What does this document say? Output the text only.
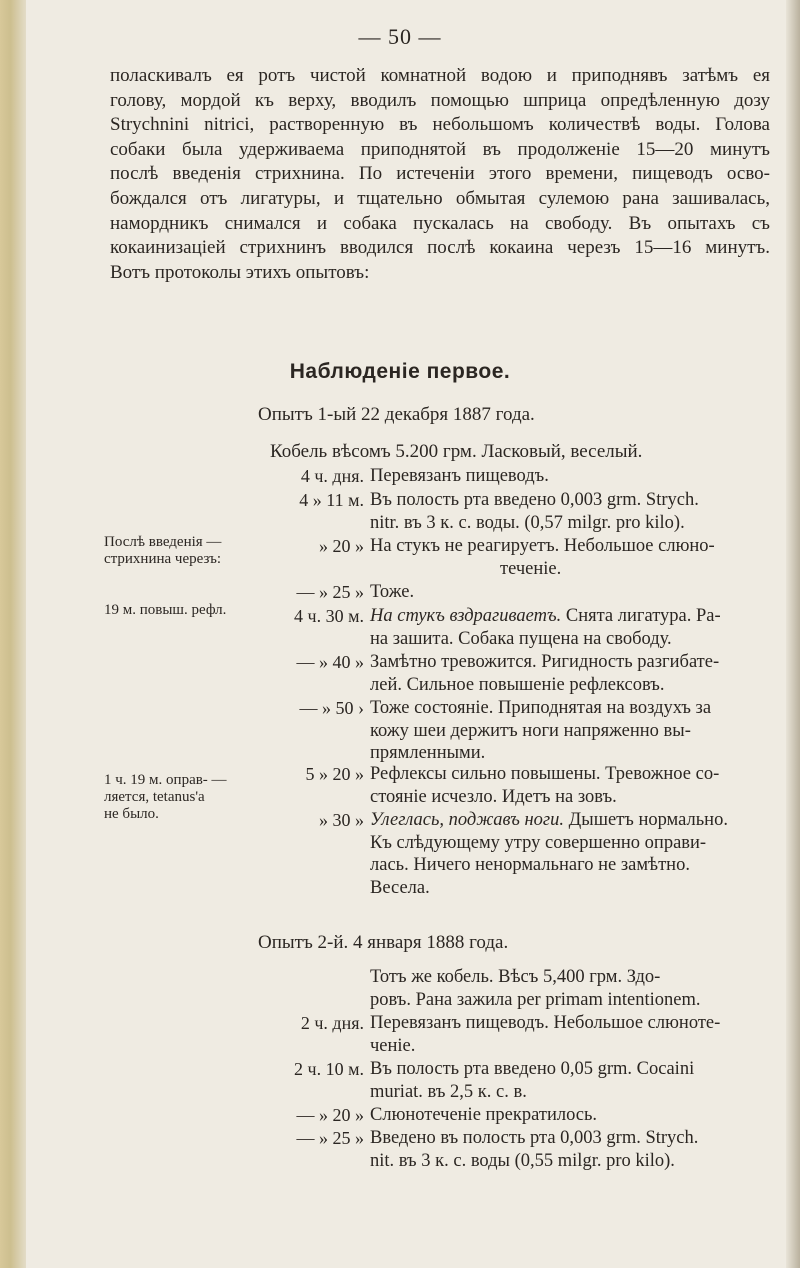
— 50 —
поласкивалъ ея ротъ чистой комнатной водою и приподнявъ затѣмъ ея
голову, мордой къ верху, вводилъ помощью шприца опредѣленную дозу
Strychnini nitrici, растворенную въ небольшомъ количествѣ воды. Голова
собаки была удерживаема приподнятой въ продолженіе 15—20 минутъ
послѣ введенія стрихнина. По истеченіи этого времени, пищеводъ осво-
бождался отъ лигатуры, и тщательно обмытая сулемою рана зашивалась,
намордникъ снимался и собака пускалась на свободу. Въ опытахъ съ
кокаинизаціей стрихнинъ вводился послѣ кокаина черезъ 15—16 минутъ.
Вотъ протоколы этихъ опытовъ:
Наблюденіе первое.
Опытъ 1-ый 22 декабря 1887 года.
Кобель вѣсомъ 5.200 грм. Ласковый, веселый.
Послѣ введенія —
стрихнина черезъ:
19 м. повыш. рефл.
1 ч. 19 м. оправ- —
ляется, tetanus'а
не было.
4 ч. дня. Перевязанъ пищеводъ.
4 » 11 м. Въ полость рта введено 0,003 grm. Strych.
nitr. въ 3 к. с. воды. (0,57 milgr. pro kilo).
» 20 » На стукъ не реагируетъ. Небольшое слюно-
теченіе.
— » 25 » Тоже.
4 ч. 30 м. На стукъ вздрагиваетъ. Снята лигатура. Ра-
на зашита. Собака пущена на свободу.
— » 40 » Замѣтно тревожится. Ригидность разгибате-
лей. Сильное повышеніе рефлексовъ.
— » 50 › Тоже состояніе. Приподнятая на воздухъ за
кожу шеи держитъ ноги напряженно вы-
прямленными.
5 » 20 » Рефлексы сильно повышены. Тревожное со-
стояніе исчезло. Идетъ на зовъ.
» 30 » Улеглась, поджавъ ноги. Дышетъ нормально.
Къ слѣдующему утру совершенно оправи-
лась. Ничего ненормальнаго не замѣтно.
Весела.
Опытъ 2-й. 4 января 1888 года.
Тотъ же кобель. Вѣсъ 5,400 грм. Здо-
ровъ. Рана зажила per primam intentionem.
2 ч. дня. Перевязанъ пищеводъ. Небольшое слюноте-
ченіе.
2 ч. 10 м. Въ полость рта введено 0,05 grm. Cocaini
muriat. въ 2,5 к. с. в.
— » 20 » Слюнотеченіе прекратилось.
— » 25 » Введено въ полость рта 0,003 grm. Strych.
nit. въ 3 к. с. воды (0,55 milgr. pro kilo).
